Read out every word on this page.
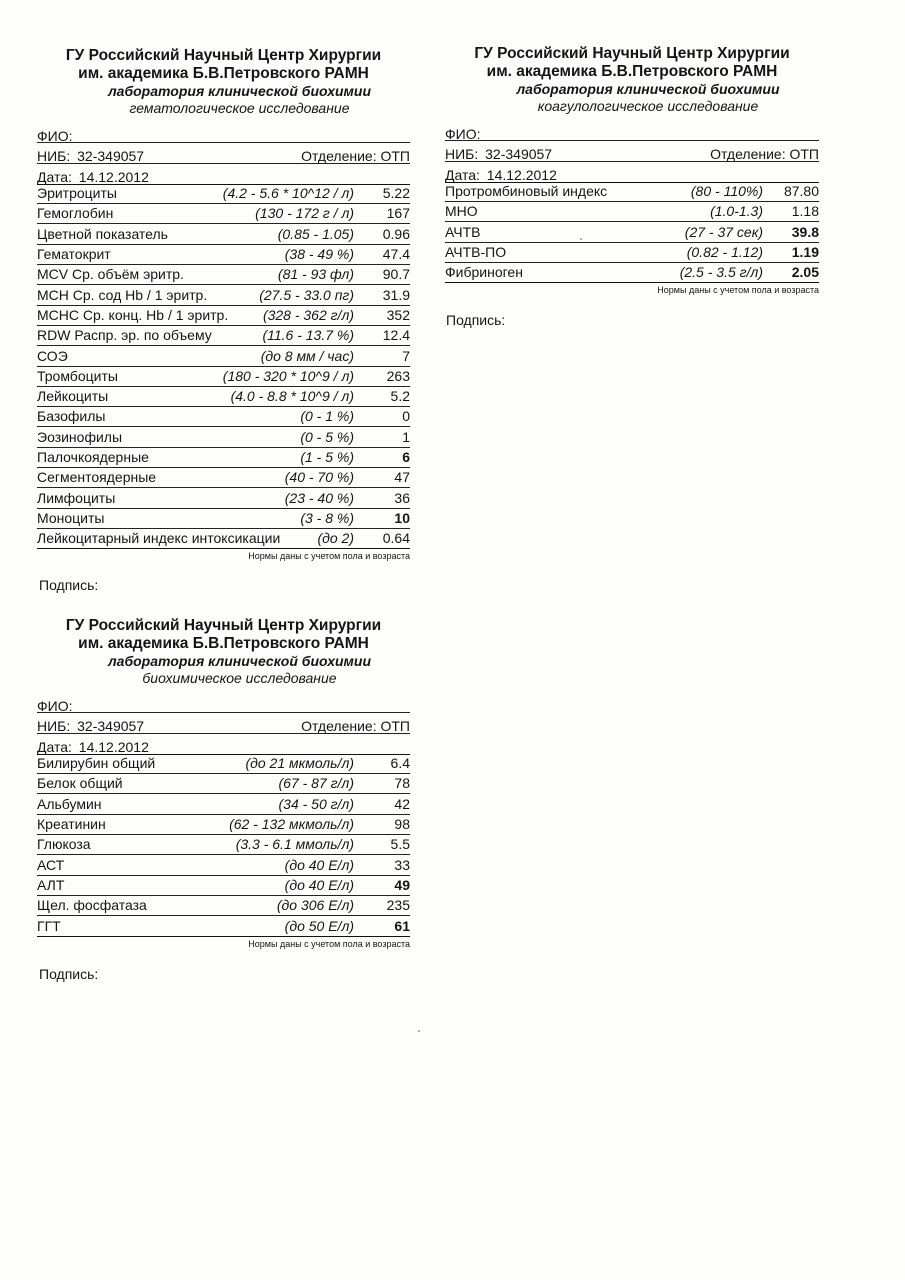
ГУ Российский Научный Центр Хирургии
им. академика Б.В.Петровского РАМН
лаборатория клинической биохимии
гематологическое исследование
ФИО:
НИБ: 32-349057	Отделение: ОТП
Дата: 14.12.2012
Эритроциты	(4.2 - 5.6 * 10^12 / л) 5.22
Гемоглобин	(130 - 172 г / л) 167
Цветной показатель	(0.85 - 1.05) 0.96
Гематокрит	(38 - 49 %) 47.4
MCV Ср. объём эритр.	(81 - 93 фл) 90.7
MCH Ср. сод Hb / 1 эритр.	(27.5 - 33.0 пг) 31.9
MCHC Ср. конц. Hb / 1 эритр. (328 - 362 г/л) 352
RDW Распр. эр. по объему	(11.6 - 13.7 %) 12.4
СОЭ	(до 8 мм / час)	7
Тромбоциты	(180 - 320 * 10^9 / л) 263
Лейкоциты	(4.0 - 8.8 * 10^9 / л)	5.2
Базофилы	(0 - 1 %)	0
Эозинофилы	(0 - 5 %)	1
Палочкоядерные	(1 - 5 %)	6
Сегментоядерные	(40 - 70 %)	47
Лимфоциты	(23 - 40 %)	36
Моноциты	(3 - 8 %)	10
Лейкоцитарный индекс интоксикации	(до 2) 0.64
Нормы даны с учетом пола и возраста
Подпись:
ГУ Российский Научный Центр Хирургии
им. академика Б.В.Петровского РАМН
лаборатория клинической биохимии
коагулологическое исследование
ФИО:
НИБ: 32-349057	Отделение: ОТП
Дата: 14.12.2012
Протромбиновый индекс	(80 - 110%) 87.80
МНО	(1.0-1.3) 1.18
АЧТВ	(27 - 37 сек) 39.8
АЧТВ-ПО	(0.82 - 1.12) 1.19
Фибриноген	(2.5 - 3.5 г/л) 2.05
Нормы даны с учетом пола и возраста
Подпись:
ГУ Российский Научный Центр Хирургии
им. академика Б.В.Петровского РАМН
лаборатория клинической биохимии
биохимическое исследование
ФИО:
НИБ: 32-349057	Отделение: ОТП
Дата: 14.12.2012
Билирубин общий	(до 21 мкмоль/л)	6.4
Белок общий	(67 - 87 г/л)	78
Альбумин	(34 - 50 г/л)	42
Креатинин	(62 - 132 мкмоль/л)	98
Глюкоза	(3.3 - 6.1 ммоль/л)	5.5
АСТ	(до 40 Е/л)	33
АЛТ	(до 40 Е/л)	49
Щел. фосфатаза	(до 306 Е/л) 235
ГГТ	(до 50 Е/л)	61
Нормы даны с учетом пола и возраста
Подпись:
